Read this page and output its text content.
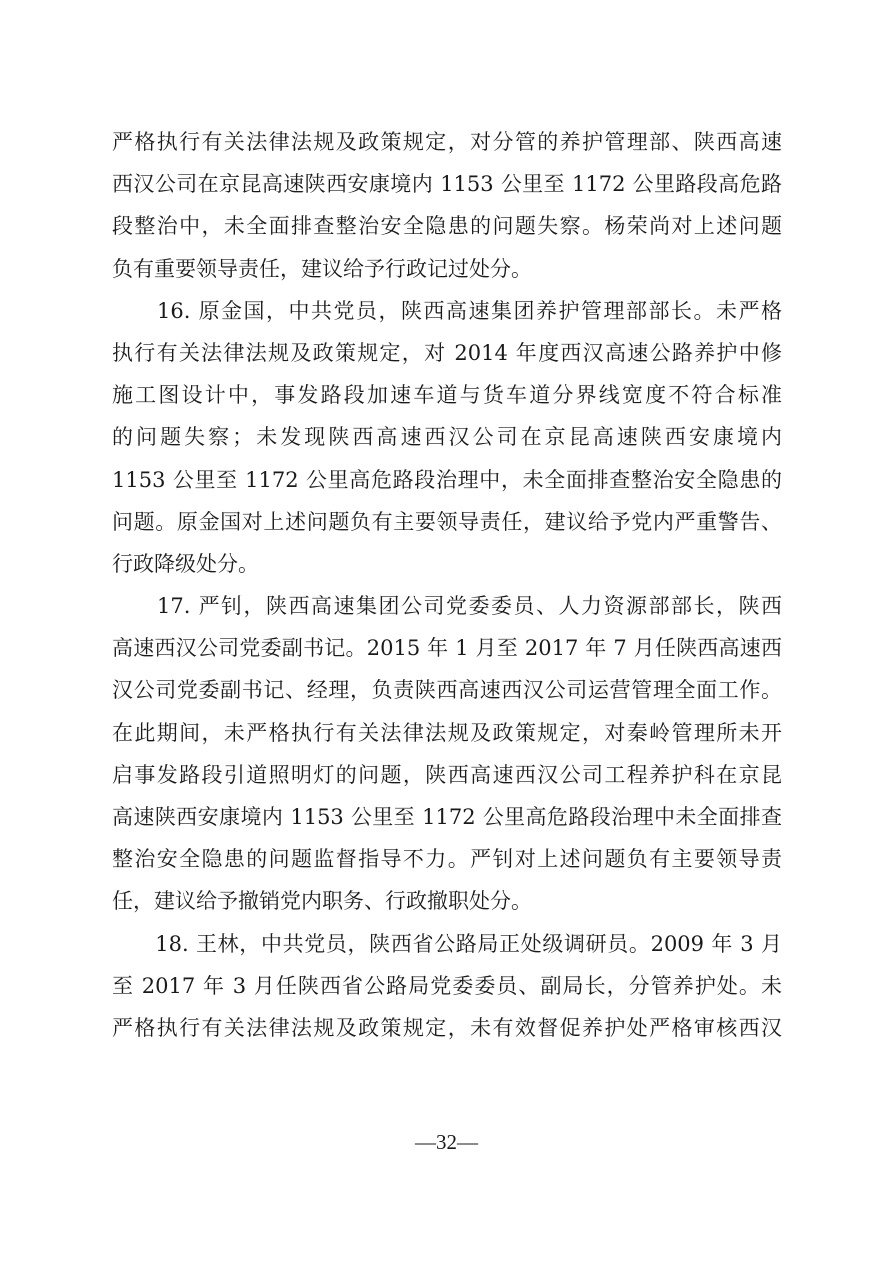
严格执行有关法律法规及政策规定，对分管的养护管理部、陕西高速
西汉公司在京昆高速陕西安康境内 1153 公里至 1172 公里路段高危路
段整治中，未全面排查整治安全隐患的问题失察。杨荣尚对上述问题
负有重要领导责任，建议给予行政记过处分。
　　16. 原金国，中共党员，陕西高速集团养护管理部部长。未严格
执行有关法律法规及政策规定，对 2014 年度西汉高速公路养护中修
施工图设计中，事发路段加速车道与货车道分界线宽度不符合标准
的问题失察；未发现陕西高速西汉公司在京昆高速陕西安康境内
1153 公里至 1172 公里高危路段治理中，未全面排查整治安全隐患的
问题。原金国对上述问题负有主要领导责任，建议给予党内严重警告、
行政降级处分。
　　17. 严钊，陕西高速集团公司党委委员、人力资源部部长，陕西
高速西汉公司党委副书记。2015 年 1 月至 2017 年 7 月任陕西高速西
汉公司党委副书记、经理，负责陕西高速西汉公司运营管理全面工作。
在此期间，未严格执行有关法律法规及政策规定，对秦岭管理所未开
启事发路段引道照明灯的问题，陕西高速西汉公司工程养护科在京昆
高速陕西安康境内 1153 公里至 1172 公里高危路段治理中未全面排查
整治安全隐患的问题监督指导不力。严钊对上述问题负有主要领导责
任，建议给予撤销党内职务、行政撤职处分。
　　18. 王林，中共党员，陕西省公路局正处级调研员。2009 年 3 月
至 2017 年 3 月任陕西省公路局党委委员、副局长，分管养护处。未
严格执行有关法律法规及政策规定，未有效督促养护处严格审核西汉
—32—
